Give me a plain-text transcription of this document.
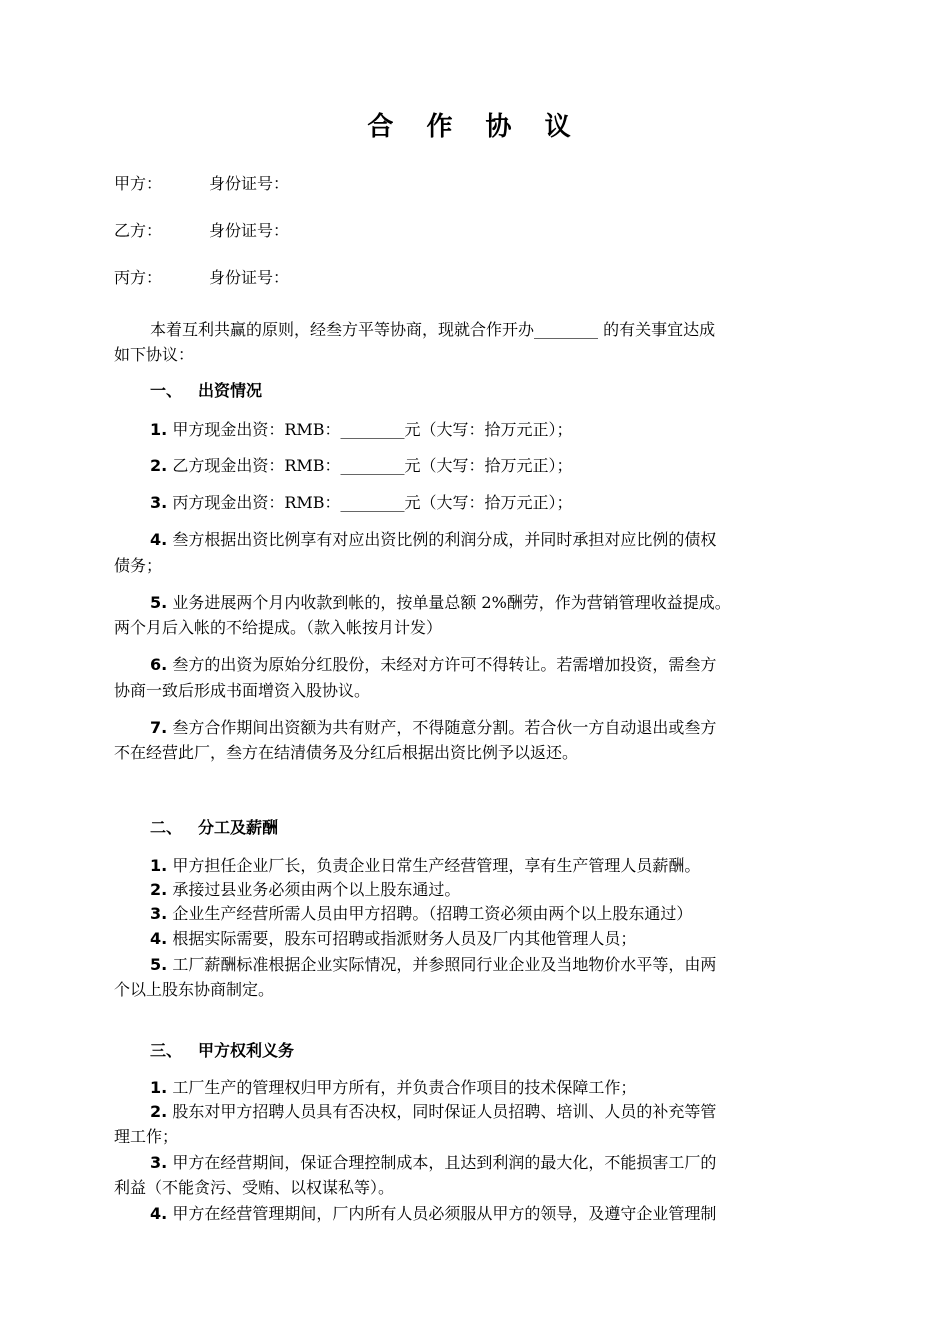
合 作 协 议
甲方：	身份证号：
乙方：	身份证号：
丙方：	身份证号：
本着互利共赢的原则，经叁方平等协商，现就合作开办________ 的有关事宜达成
如下协议：
一、 出资情况
1. 甲方现金出资：RMB：________元（大写：拾万元正）；
2. 乙方现金出资：RMB：________元（大写：拾万元正）；
3. 丙方现金出资：RMB：________元（大写：拾万元正）；
4. 叁方根据出资比例享有对应出资比例的利润分成，并同时承担对应比例的债权
债务；
5. 业务进展两个月内收款到帐的，按单量总额 2%酬劳，作为营销管理收益提成。
两个月后入帐的不给提成。（款入帐按月计发）
6. 叁方的出资为原始分红股份，未经对方许可不得转让。若需增加投资，需叁方
协商一致后形成书面增资入股协议。
7. 叁方合作期间出资额为共有财产，不得随意分割。若合伙一方自动退出或叁方
不在经营此厂，叁方在结清债务及分红后根据出资比例予以返还。
二、 分工及薪酬
1. 甲方担任企业厂长，负责企业日常生产经营管理，享有生产管理人员薪酬。
2. 承接过县业务必须由两个以上股东通过。
3. 企业生产经营所需人员由甲方招聘。（招聘工资必须由两个以上股东通过）
4. 根据实际需要，股东可招聘或指派财务人员及厂内其他管理人员；
5. 工厂薪酬标准根据企业实际情况，并参照同行业企业及当地物价水平等，由两
个以上股东协商制定。
三、 甲方权利义务
1. 工厂生产的管理权归甲方所有，并负责合作项目的技术保障工作；
2. 股东对甲方招聘人员具有否决权，同时保证人员招聘、培训、人员的补充等管
理工作；
3. 甲方在经营期间，保证合理控制成本，且达到利润的最大化，不能损害工厂的
利益（不能贪污、受贿、以权谋私等）。
4. 甲方在经营管理期间，厂内所有人员必须服从甲方的领导，及遵守企业管理制
